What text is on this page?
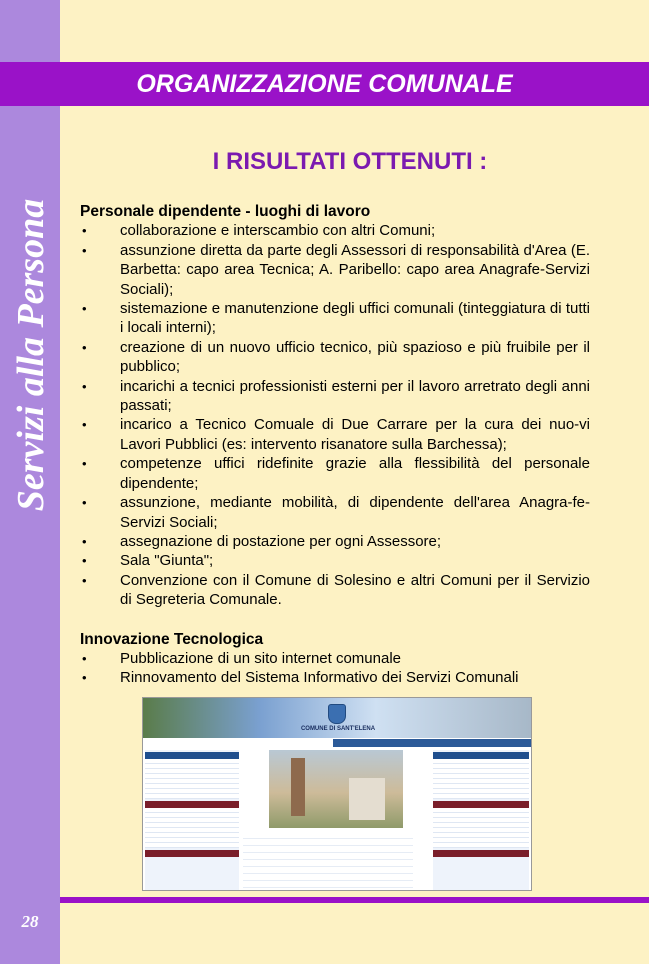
ORGANIZZAZIONE COMUNALE
Servizi alla Persona
I RISULTATI OTTENUTI :

Personale dipendente - luoghi di lavoro

• collaborazione e interscambio con altri Comuni;
• assunzione diretta da parte degli Assessori di responsabilità d'Area (E. Barbetta: capo area Tecnica; A. Paribello: capo area Anagrafe-Servizi Sociali);
• sistemazione e manutenzione degli uffici comunali (tinteggiatura di tutti i locali interni);
• creazione di un nuovo ufficio tecnico, più spazioso e più fruibile per il pubblico;
• incarichi a tecnici professionisti esterni per il lavoro arretrato degli anni passati;
• incarico a Tecnico Comuale di Due Carrare per la cura dei nuo-vi Lavori Pubblici (es: intervento risanatore sulla Barchessa);
• competenze uffici ridefinite grazie alla flessibilità del personale dipendente;
• assunzione, mediante mobilità, di dipendente dell'area Anagra-fe-Servizi Sociali;
• assegnazione di postazione per ogni Assessore;
• Sala "Giunta";
• Convenzione con il Comune di Solesino e altri Comuni per il Servizio di Segreteria Comunale.

Innovazione Tecnologica

• Pubblicazione di un sito internet comunale
• Rinnovamento del Sistema Informativo dei Servizi Comunali
COMUNE DI SANT'ELENA
28
